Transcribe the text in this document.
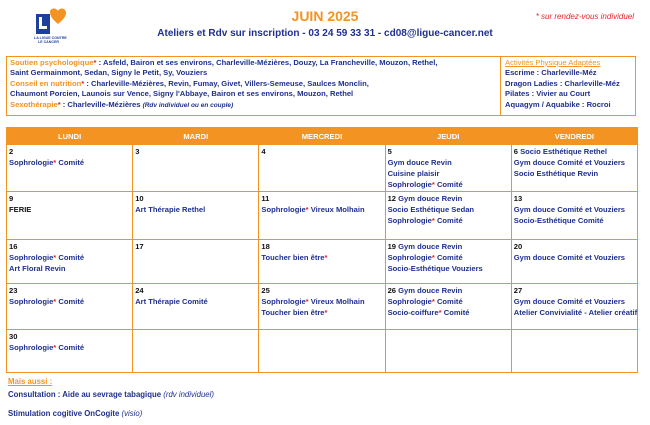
LA LIGUE CONTRE
LE CANCER
JUIN 2025	* sur rendez-vous individuel
Ateliers et Rdv sur inscription - 03 24 59 33 31 - cd08@ligue-cancer.net
Soutien psychologique* : Asfeld, Bairon et ses environs, Charleville-Mézières, Douzy, La Francheville, Mouzon, Rethel,
Saint Germainmont, Sedan, Signy le Petit, Sy, Vouziers
Conseil en nutrition* : Charleville-Mézières, Revin, Fumay, Givet, Villers-Semeuse, Saulces Monclin,
Chaumont Porcien, Launois sur Vence, Signy l'Abbaye, Bairon et ses environs, Mouzon, Rethel
Sexothérapie* : Charleville-Mézières (Rdv individuel ou en couple)
Activités Physique Adaptées
Escrime : Charleville-Méz
Dragon Ladies : Charleville-Méz
Pilates : Vivier au Court
Aquagym / Aquabike : Rocroi
LUNDI	MARDI	MERCREDI	JEUDI	VENDREDI

2
Sophrologie* Comité	3	4	5
Gym douce Revin
Cuisine plaisir
Sophrologie* Comité	6 Socio Esthétique Rethel
Gym douce Comité et Vouziers
Socio Esthétique Revin

9
FERIE	10
Art Thérapie Rethel	11
Sophrologie* Vireux Molhain	12 Gym douce Revin
Socio Esthétique Sedan
Sophrologie* Comité	13
Gym douce Comité et Vouziers
Socio-Esthétique Comité

16
Sophrologie* Comité
Art Floral Revin	17	18
Toucher bien être*	19 Gym douce Revin
Sophrologie* Comité
Socio-Esthétique Vouziers	20
Gym douce Comité et Vouziers

23
Sophrologie* Comité	24
Art Thérapie Comité	25
Sophrologie* Vireux Molhain
Toucher bien être*	26 Gym douce Revin
Sophrologie* Comité
Socio-coiffure* Comité	27
Gym douce Comité et Vouziers
Atelier Convivialité - Atelier créatif

30
Sophrologie* Comité				

Mais aussi :
Consultation : Aide au sevrage tabagique (rdv individuel)
Stimulation cogitive OnCogite (visio)
